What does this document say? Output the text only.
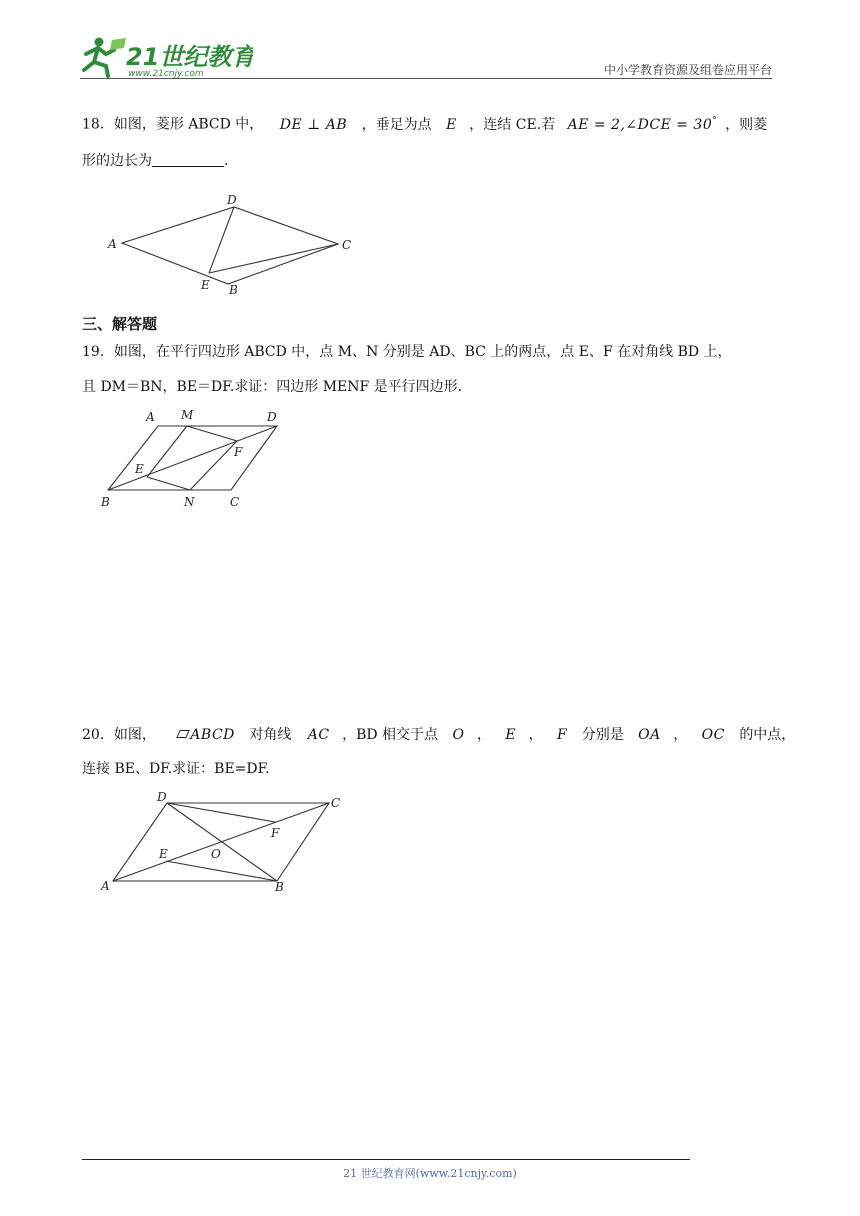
21世纪教育
www.21cnjy.com	中小学教育资源及组卷应用平台
18．如图，菱形 ABCD 中， DE ⊥ AB ，垂足为点 E ，连结 CE.若 AE = 2,∠DCE = 30° ，则菱
形的边长为	.
A
D
C
E B
三、解答题
19．如图，在平行四边形 ABCD 中，点 M、N 分别是 AD、BC 上的两点，点 E、F 在对角线 BD 上，
且 DM＝BN，BE＝DF.求证：四边形 MENF 是平行四边形.
A M	D
E
F
B	N	C
20．如图， ABCD 对角线 AC ，BD 相交于点 O ， E ， F 分别是 OA ， OC 的中点，
连接 BE、DF.求证：BE=DF.
D	C
F
E	O
A	B
21 世纪教育网(www.21cnjy.com)
